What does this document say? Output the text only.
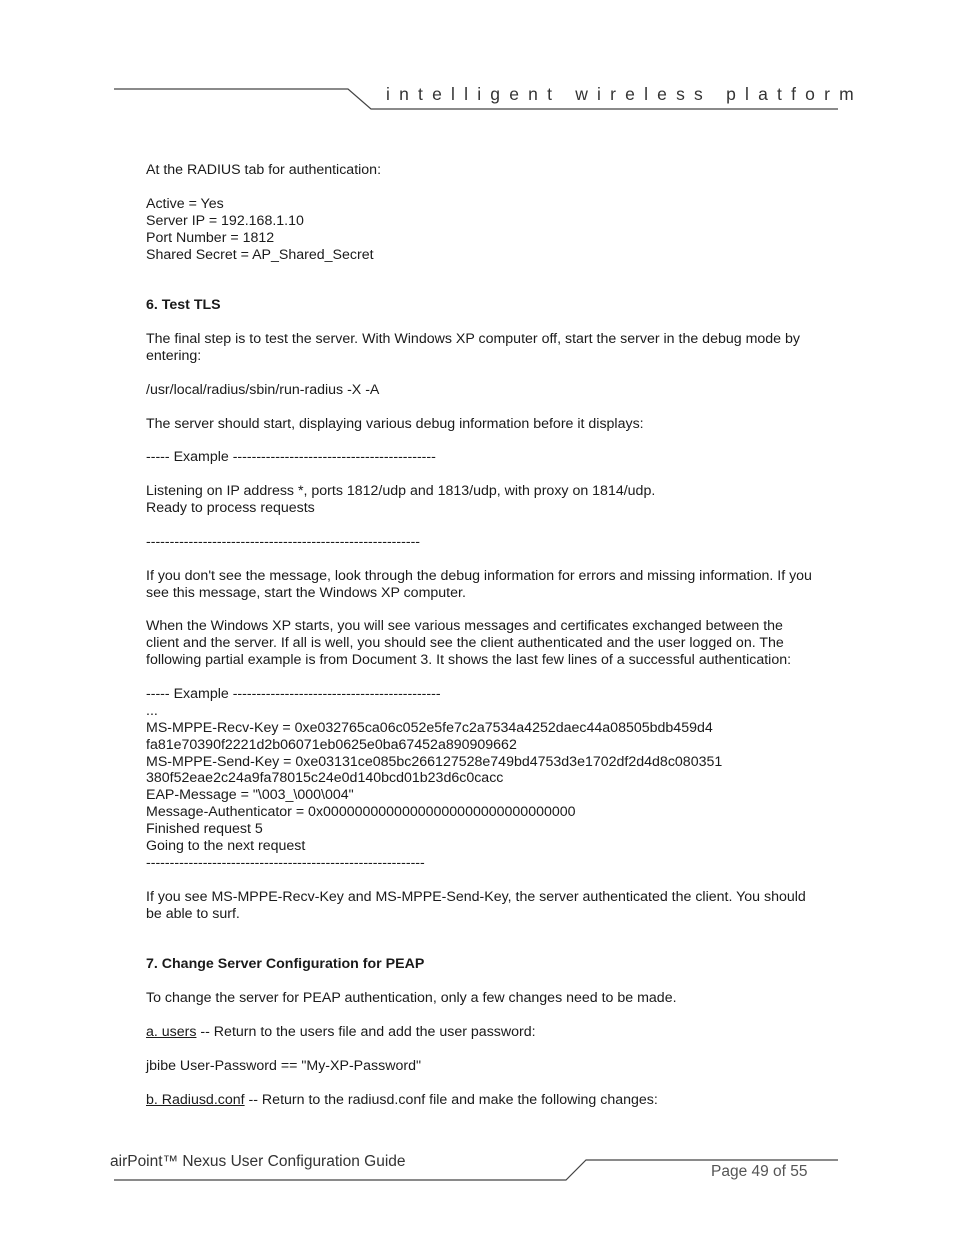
intelligent wireless platform

At the RADIUS tab for authentication:

Active = Yes
Server IP = 192.168.1.10
Port Number = 1812
Shared Secret = AP_Shared_Secret
6. Test TLS

The final step is to test the server. With Windows XP computer off, start the server in the debug mode by entering:

/usr/local/radius/sbin/run-radius -X -A

The server should start, displaying various debug information before it displays:

----- Example -------------------------------------------

Listening on IP address *, ports 1812/udp and 1813/udp, with proxy on 1814/udp.
Ready to process requests

----------------------------------------------------------

If you don't see the message, look through the debug information for errors and missing information. If you see this message, start the Windows XP computer.

When the Windows XP starts, you will see various messages and certificates exchanged between the client and the server. If all is well, you should see the client authenticated and the user logged on. The following partial example is from Document 3. It shows the last few lines of a successful authentication:

----- Example --------------------------------------------
...
MS-MPPE-Recv-Key = 0xe032765ca06c052e5fe7c2a7534a4252daec44a08505bdb459d4
fa81e70390f2221d2b06071eb0625e0ba67452a890909662
MS-MPPE-Send-Key = 0xe03131ce085bc266127528e749bd4753d3e1702df2d4d8c080351
380f52eae2c24a9fa78015c24e0d140bcd01b23d6c0cacc
EAP-Message = "\003_\000\004"
Message-Authenticator = 0x00000000000000000000000000000000
Finished request 5
Going to the next request

-----------------------------------------------------------

If you see MS-MPPE-Recv-Key and MS-MPPE-Send-Key, the server authenticated the client. You should be able to surf.

7. Change Server Configuration for PEAP

To change the server for PEAP authentication, only a few changes need to be made.

a. users -- Return to the users file and add the user password:

jbibe User-Password == "My-XP-Password"

b. Radiusd.conf -- Return to the radiusd.conf file and make the following changes:

airPoint™ Nexus User Configuration Guide
Page 49 of 55
